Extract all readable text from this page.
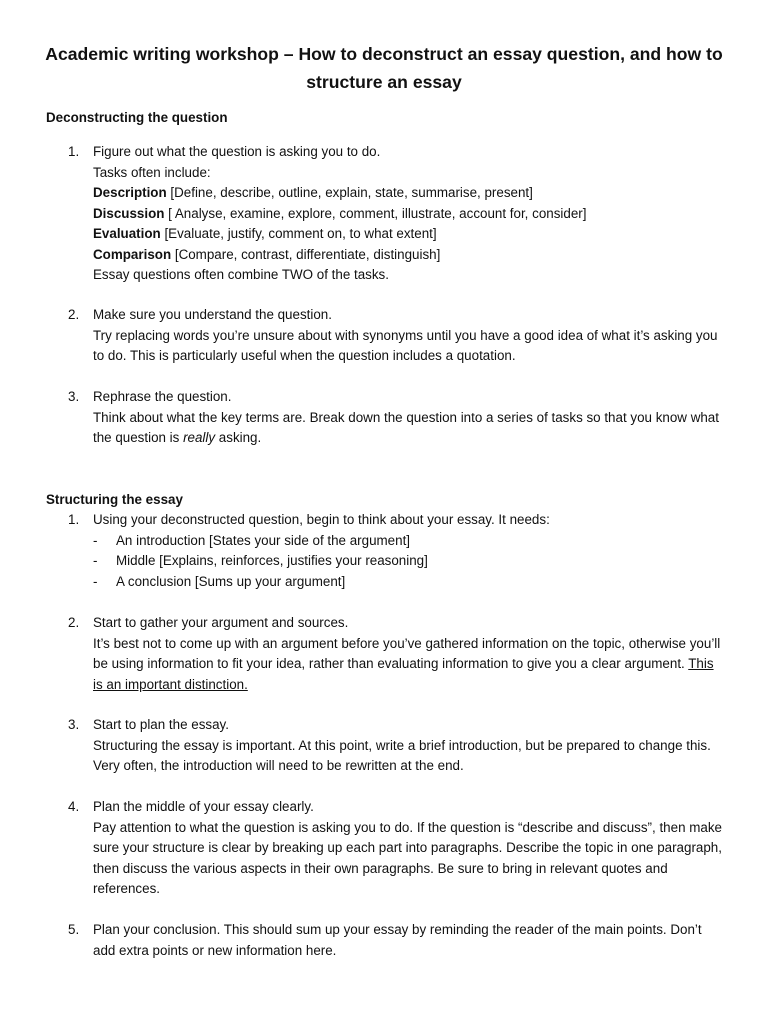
Academic writing workshop – How to deconstruct an essay question, and how to structure an essay
Deconstructing the question
1.	Figure out what the question is asking you to do.
Tasks often include:
Description [Define, describe, outline, explain, state, summarise, present]
Discussion [ Analyse, examine, explore, comment, illustrate, account for, consider]
Evaluation [Evaluate, justify, comment on, to what extent]
Comparison [Compare, contrast, differentiate, distinguish]
Essay questions often combine TWO of the tasks.
2.	Make sure you understand the question.
Try replacing words you’re unsure about with synonyms until you have a good idea of what it’s asking you to do. This is particularly useful when the question includes a quotation.
3.	Rephrase the question.
Think about what the key terms are. Break down the question into a series of tasks so that you know what the question is really asking.
Structuring the essay
1.	Using your deconstructed question, begin to think about your essay. It needs:
- An introduction [States your side of the argument]
- Middle [Explains, reinforces, justifies your reasoning]
- A conclusion [Sums up your argument]
2.	Start to gather your argument and sources.
It’s best not to come up with an argument before you’ve gathered information on the topic, otherwise you’ll be using information to fit your idea, rather than evaluating information to give you a clear argument. This is an important distinction.
3.	Start to plan the essay.
Structuring the essay is important. At this point, write a brief introduction, but be prepared to change this. Very often, the introduction will need to be rewritten at the end.
4.	Plan the middle of your essay clearly.
Pay attention to what the question is asking you to do. If the question is “describe and discuss”, then make sure your structure is clear by breaking up each part into paragraphs. Describe the topic in one paragraph, then discuss the various aspects in their own paragraphs. Be sure to bring in relevant quotes and references.
5.	Plan your conclusion. This should sum up your essay by reminding the reader of the main points. Don’t add extra points or new information here.
